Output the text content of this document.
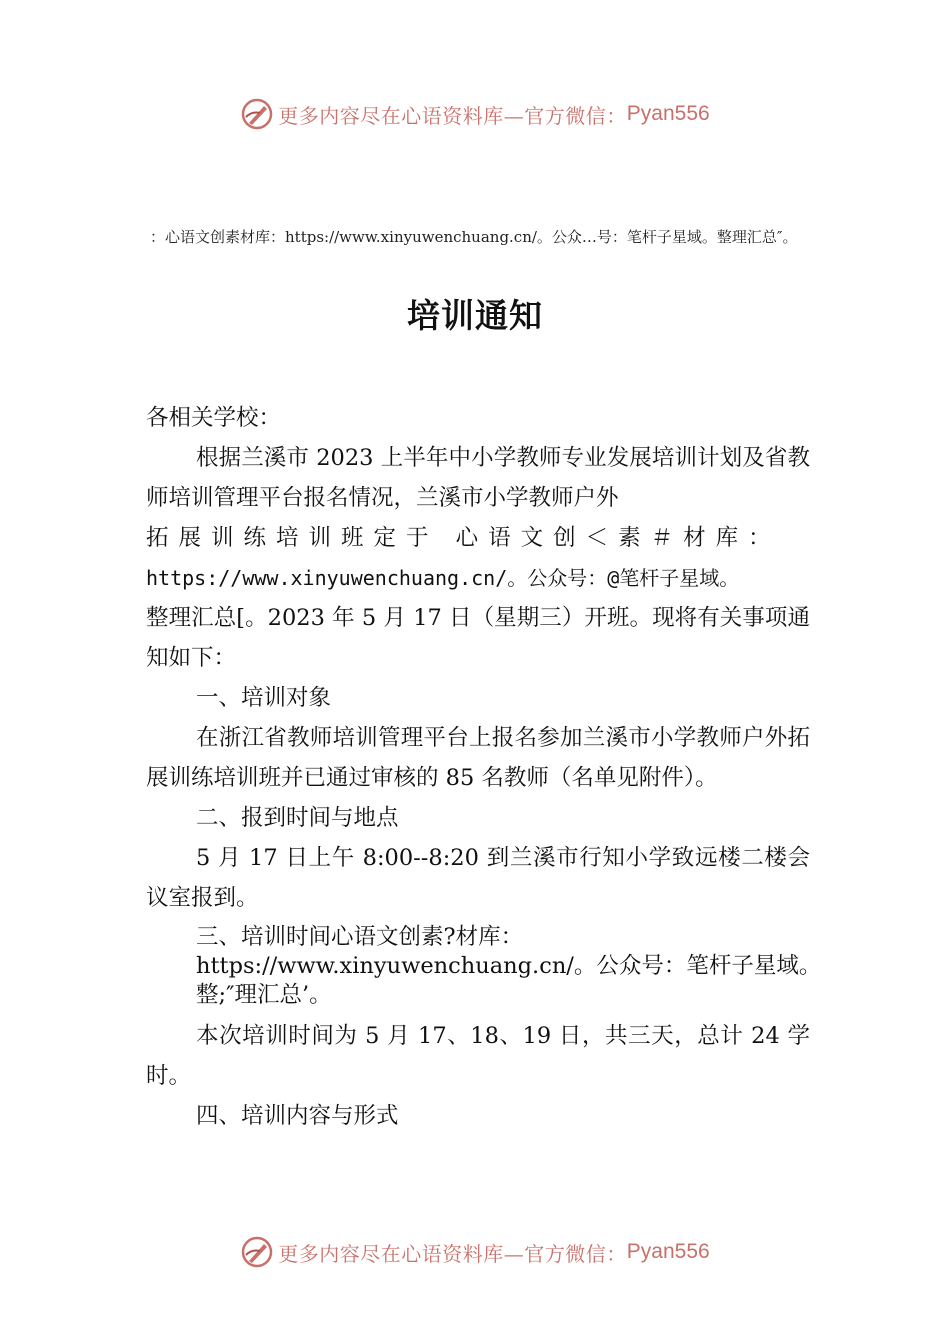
更多内容尽在心语资料库—官方微信： Pyan556
：心语文创素材库：https://www.xinyuwenchuang.cn/。公众…号：笔杆子星域。整理汇总″。
培训通知

各相关学校：

根据兰溪市 2023 上半年中小学教师专业发展培训计划及省教师培训管理平台报名情况，兰溪市小学教师户外

拓展训练培训班定于 心语文创＜素＃材库：

https://www.xinyuwenchuang.cn/。公众号：@笔杆子星域。

整理汇总[。2023 年 5 月 17 日（星期三）开班。现将有关事项通知如下：

一、培训对象

在浙江省教师培训管理平台上报名参加兰溪市小学教师户外拓展训练培训班并已通过审核的 85 名教师（名单见附件）。

二、报到时间与地点

5 月 17 日上午 8:00--8:20 到兰溪市行知小学致远楼二楼会议室报到。

三、培训时间心语文创素?材库：https://www.xinyuwenchuang.cn/。公众号：笔杆子星域。整;″理汇总’。

本次培训时间为 5 月 17、18、19 日，共三天，总计 24 学时。

四、培训内容与形式

更多内容尽在心语资料库—官方微信： Pyan556
